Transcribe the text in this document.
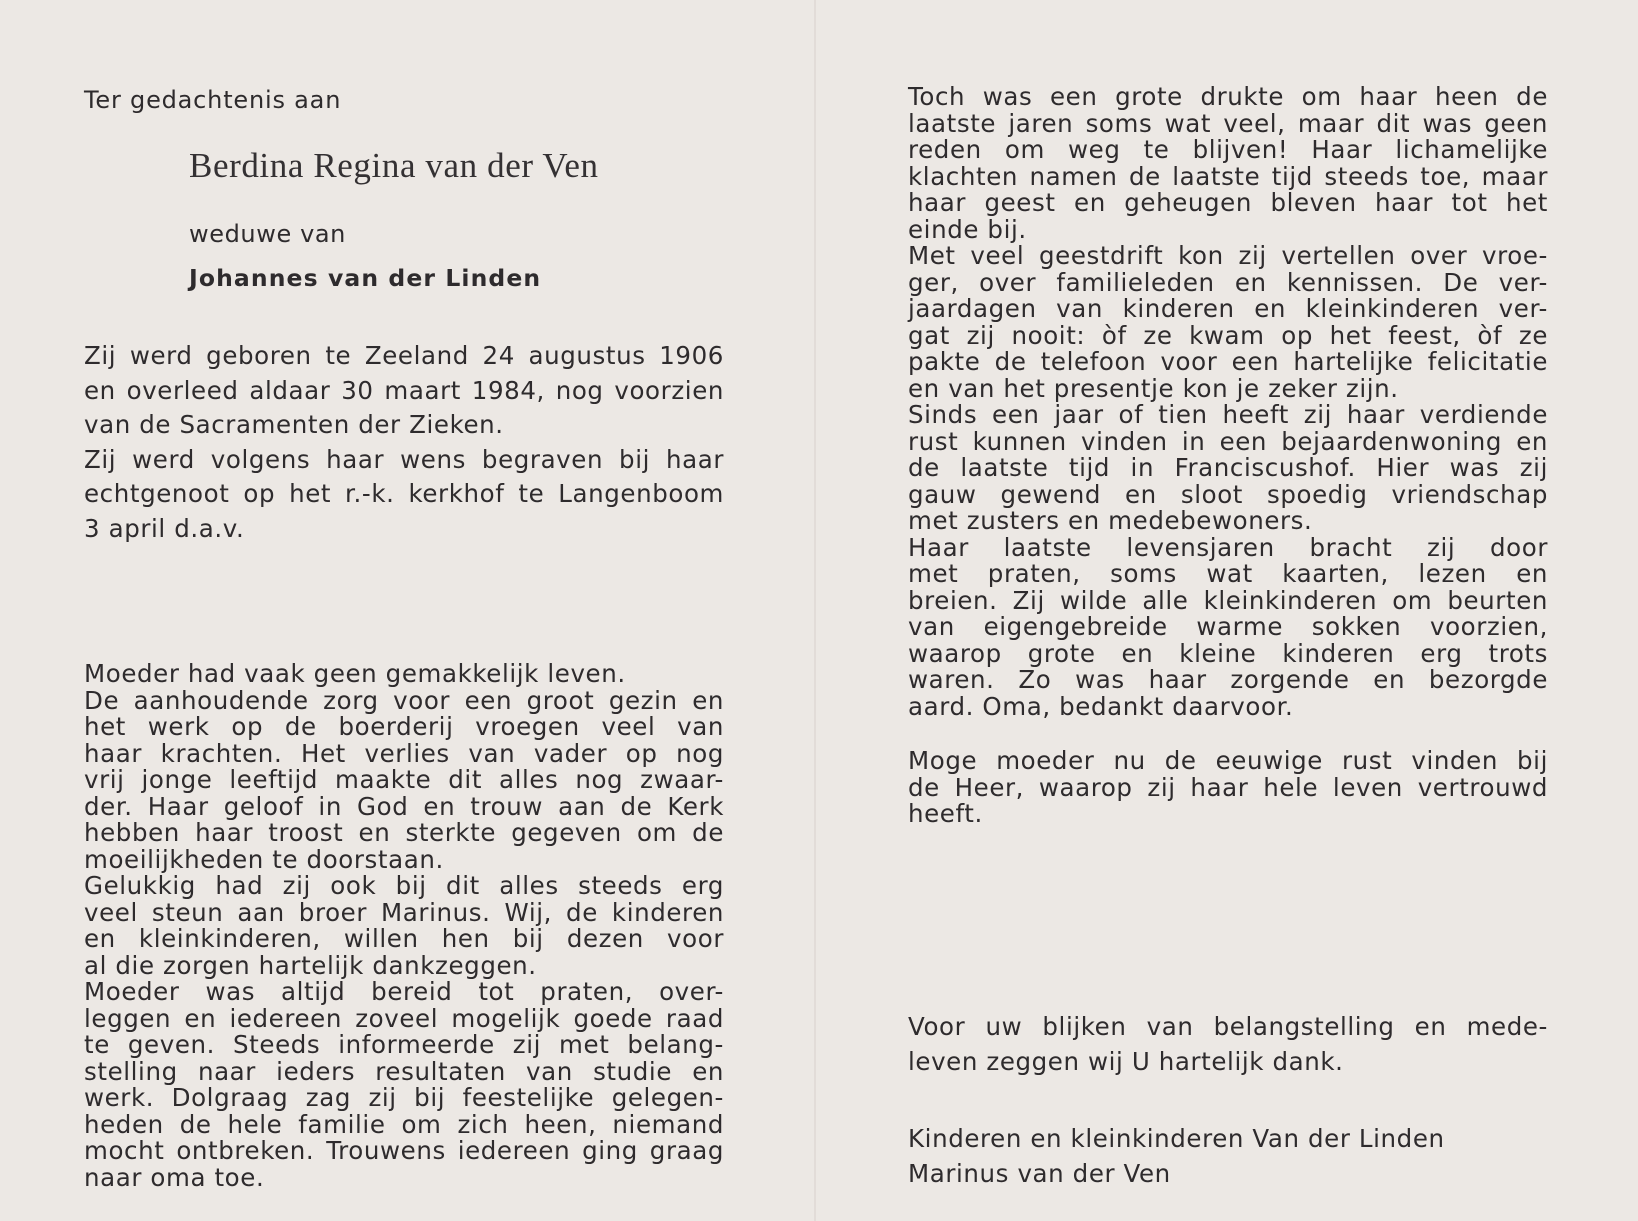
Ter gedachtenis aan
Berdina Regina van der Ven
weduwe van
Johannes van der Linden
Zij werd geboren te Zeeland 24 augustus 1906
en overleed aldaar 30 maart 1984, nog voorzien
van de Sacramenten der Zieken.
Zij werd volgens haar wens begraven bij haar
echtgenoot op het r.-k. kerkhof te Langenboom
3 april d.a.v.
Moeder had vaak geen gemakkelijk leven.
De aanhoudende zorg voor een groot gezin en
het werk op de boerderij vroegen veel van
haar krachten. Het verlies van vader op nog
vrij jonge leeftijd maakte dit alles nog zwaar-
der. Haar geloof in God en trouw aan de Kerk
hebben haar troost en sterkte gegeven om de
moeilijkheden te doorstaan.
Gelukkig had zij ook bij dit alles steeds erg
veel steun aan broer Marinus. Wij, de kinderen
en kleinkinderen, willen hen bij dezen voor
al die zorgen hartelijk dankzeggen.
Moeder was altijd bereid tot praten, over-
leggen en iedereen zoveel mogelijk goede raad
te geven. Steeds informeerde zij met belang-
stelling naar ieders resultaten van studie en
werk. Dolgraag zag zij bij feestelijke gelegen-
heden de hele familie om zich heen, niemand
mocht ontbreken. Trouwens iedereen ging graag
naar oma toe.
Toch was een grote drukte om haar heen de
laatste jaren soms wat veel, maar dit was geen
reden om weg te blijven! Haar lichamelijke
klachten namen de laatste tijd steeds toe, maar
haar geest en geheugen bleven haar tot het
einde bij.
Met veel geestdrift kon zij vertellen over vroe-
ger, over familieleden en kennissen. De ver-
jaardagen van kinderen en kleinkinderen ver-
gat zij nooit: òf ze kwam op het feest, òf ze
pakte de telefoon voor een hartelijke felicitatie
en van het presentje kon je zeker zijn.
Sinds een jaar of tien heeft zij haar verdiende
rust kunnen vinden in een bejaardenwoning en
de laatste tijd in Franciscushof. Hier was zij
gauw gewend en sloot spoedig vriendschap
met zusters en medebewoners.
Haar laatste levensjaren bracht zij door
met praten, soms wat kaarten, lezen en
breien. Zij wilde alle kleinkinderen om beurten
van eigengebreide warme sokken voorzien,
waarop grote en kleine kinderen erg trots
waren. Zo was haar zorgende en bezorgde
aard. Oma, bedankt daarvoor.
Moge moeder nu de eeuwige rust vinden bij
de Heer, waarop zij haar hele leven vertrouwd
heeft.
Voor uw blijken van belangstelling en mede-
leven zeggen wij U hartelijk dank.
Kinderen en kleinkinderen Van der Linden
Marinus van der Ven
